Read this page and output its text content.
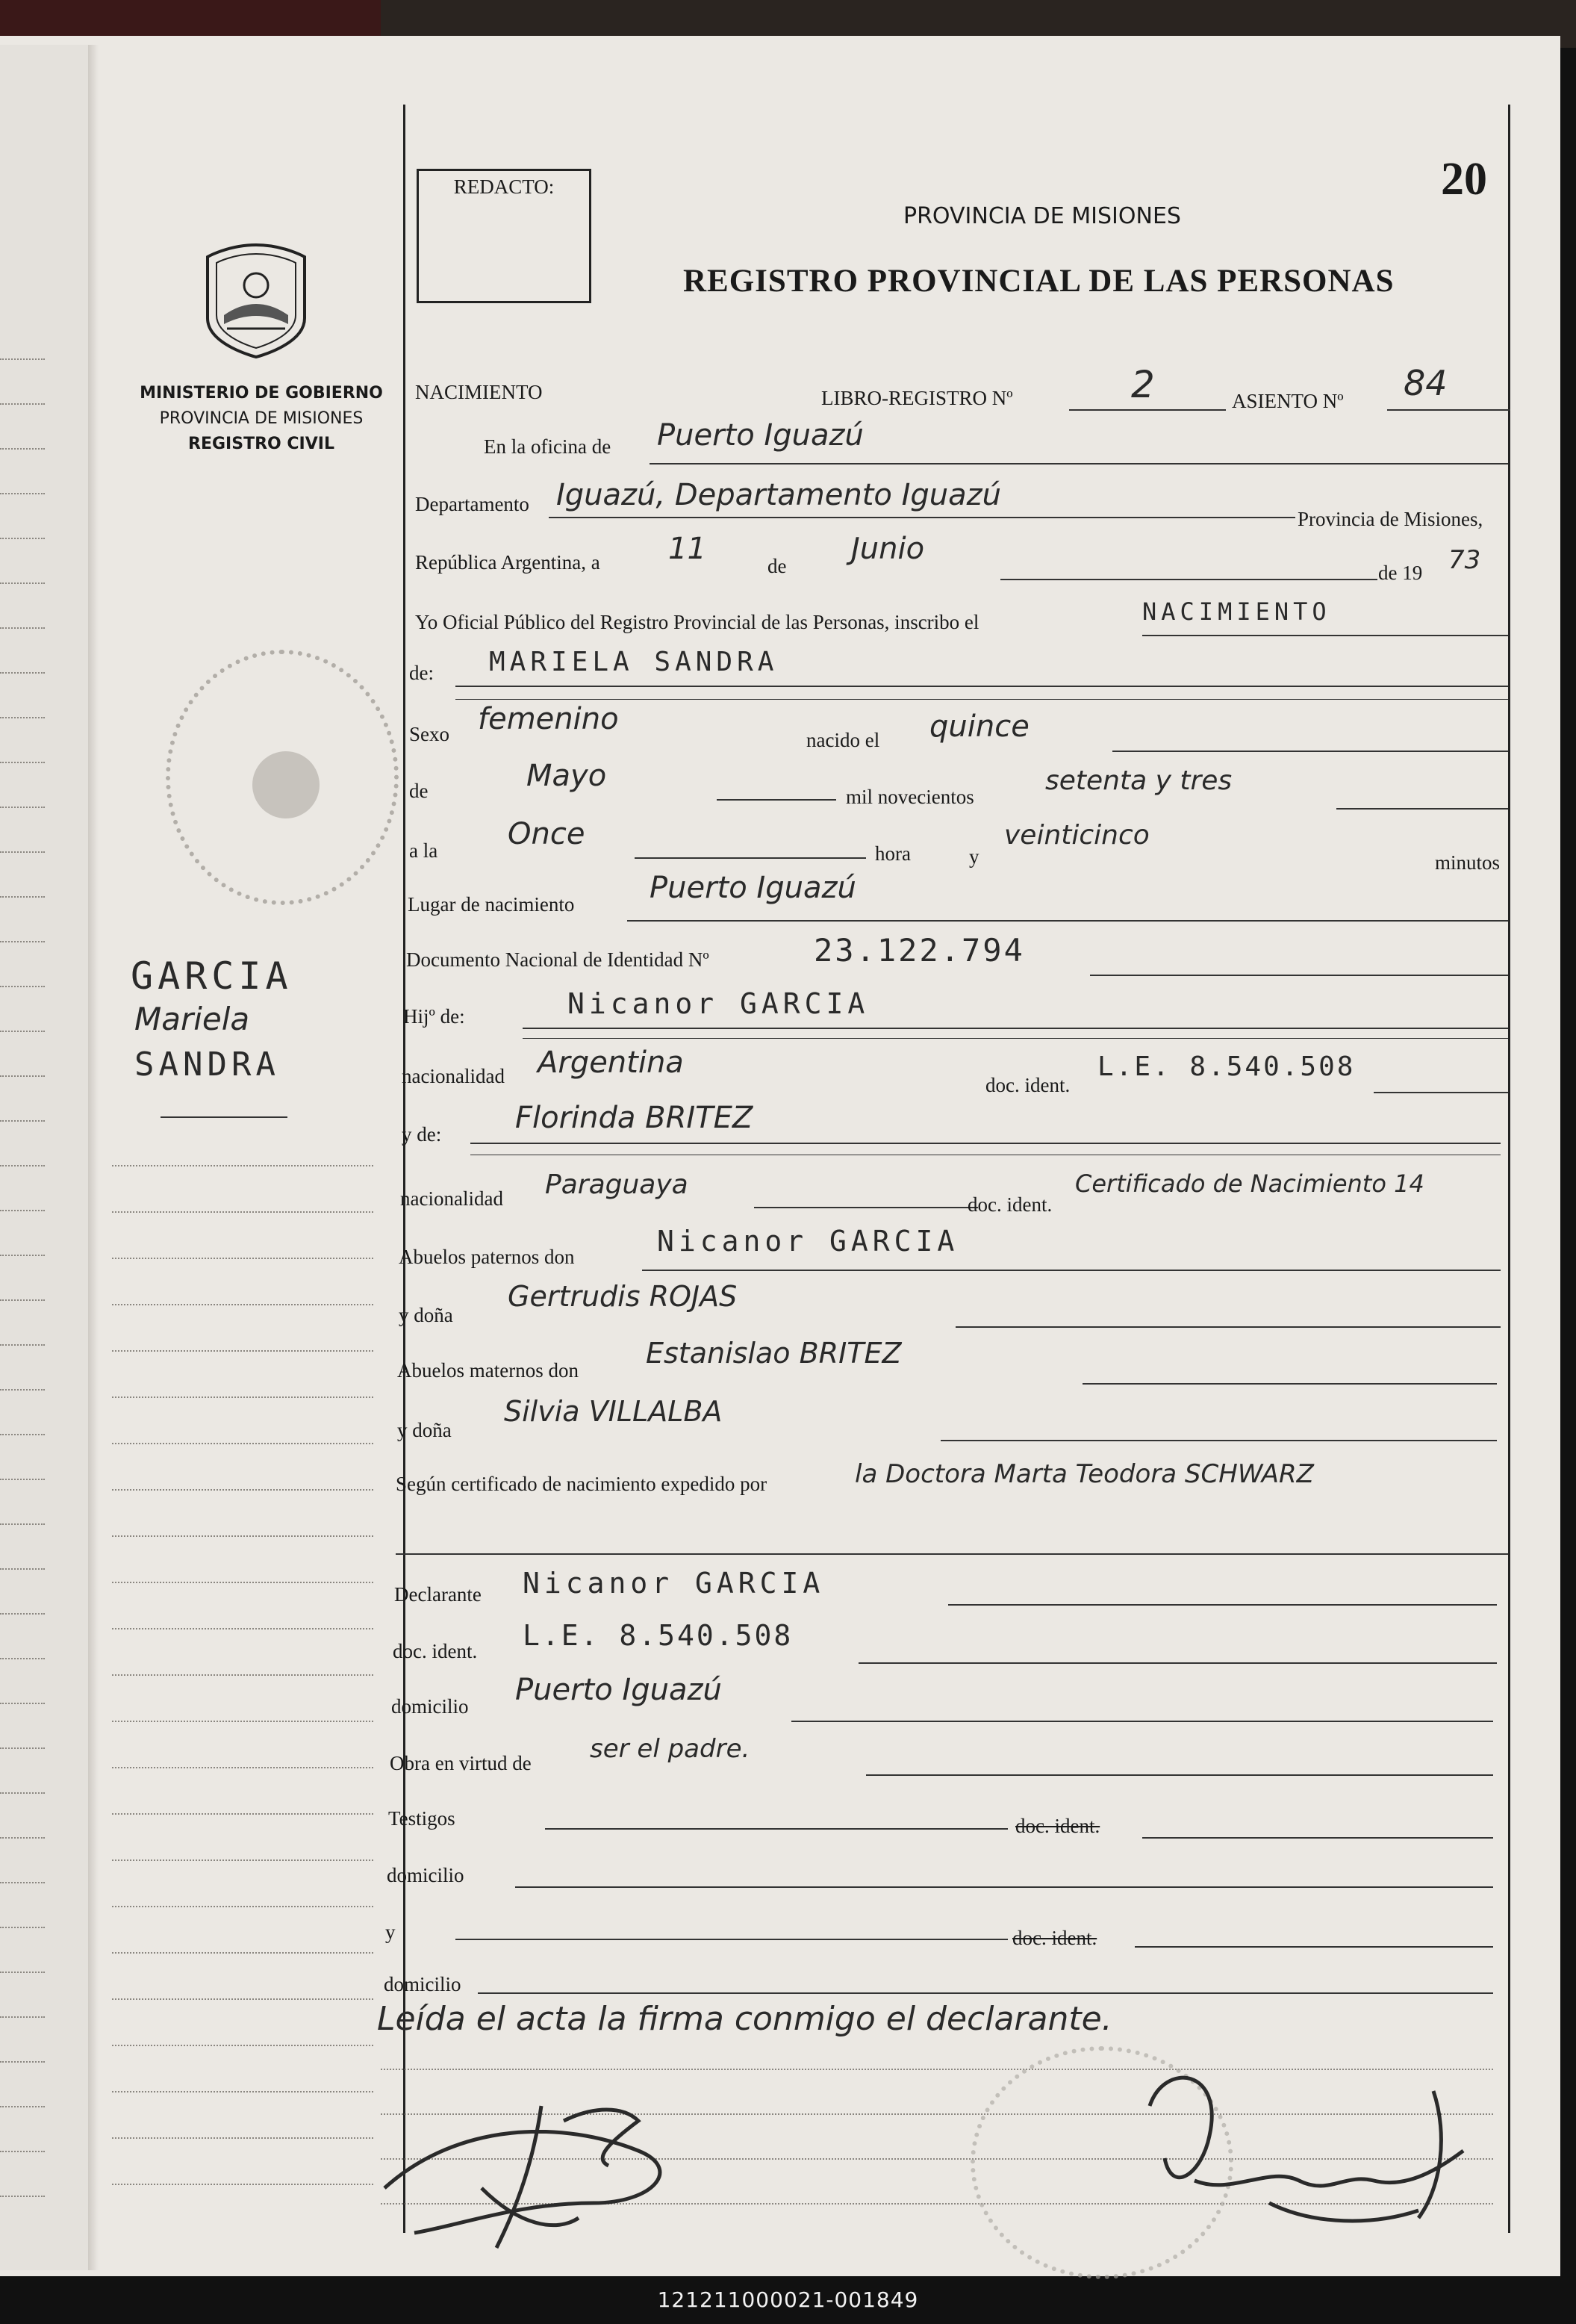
REDACTO:	20
PROVINCIA DE MISIONES
REGISTRO PROVINCIAL DE LAS PERSONAS
MINISTERIO DE GOBIERNO
PROVINCIA DE MISIONES
REGISTRO CIVIL
GARCIA
Mariela
SANDRA
NACIMIENTO	LIBRO-REGISTRO Nº	2	ASIENTO Nº 84
En la oficina de Puerto Iguazú
Departamento Iguazú, Departamento Iguazú
Provincia de Misiones,
República Argentina, a 11	de Junio
de 19 73
Yo Oficial Público del Registro Provincial de las Personas, inscribo el	NACIMIENTO
de: MARIELA SANDRA
Sexo femenino
nacido el quince
de	Mayo
mil novecientos
setenta y tres
a la Once
hora	y
veinticinco
minutos
Lugar de nacimiento	Puerto Iguazú
Documento Nacional de Identidad Nº	23.122.794
Hijº de:	Nicanor GARCIA
nacionalidad Argentina
doc. ident.
L.E. 8.540.508
y de: Florinda BRITEZ
nacionalidad Paraguaya
doc. ident.
Certificado de Nacimiento 14
Abuelos paternos don	Nicanor GARCIA
y doña
Gertrudis ROJAS
Abuelos maternos don
Estanislao BRITEZ
y doña
Silvia VILLALBA
Según certificado de nacimiento expedido por	la Doctora Marta Teodora SCHWARZ
Declarante Nicanor GARCIA
doc. ident. L.E. 8.540.508
domicilio Puerto Iguazú
Obra en virtud de ser el padre.
Testigos	doc. ident.
domicilio
y	doc. ident.
domicilio
Leída el acta la firma conmigo el declarante.
121211000021-001849
